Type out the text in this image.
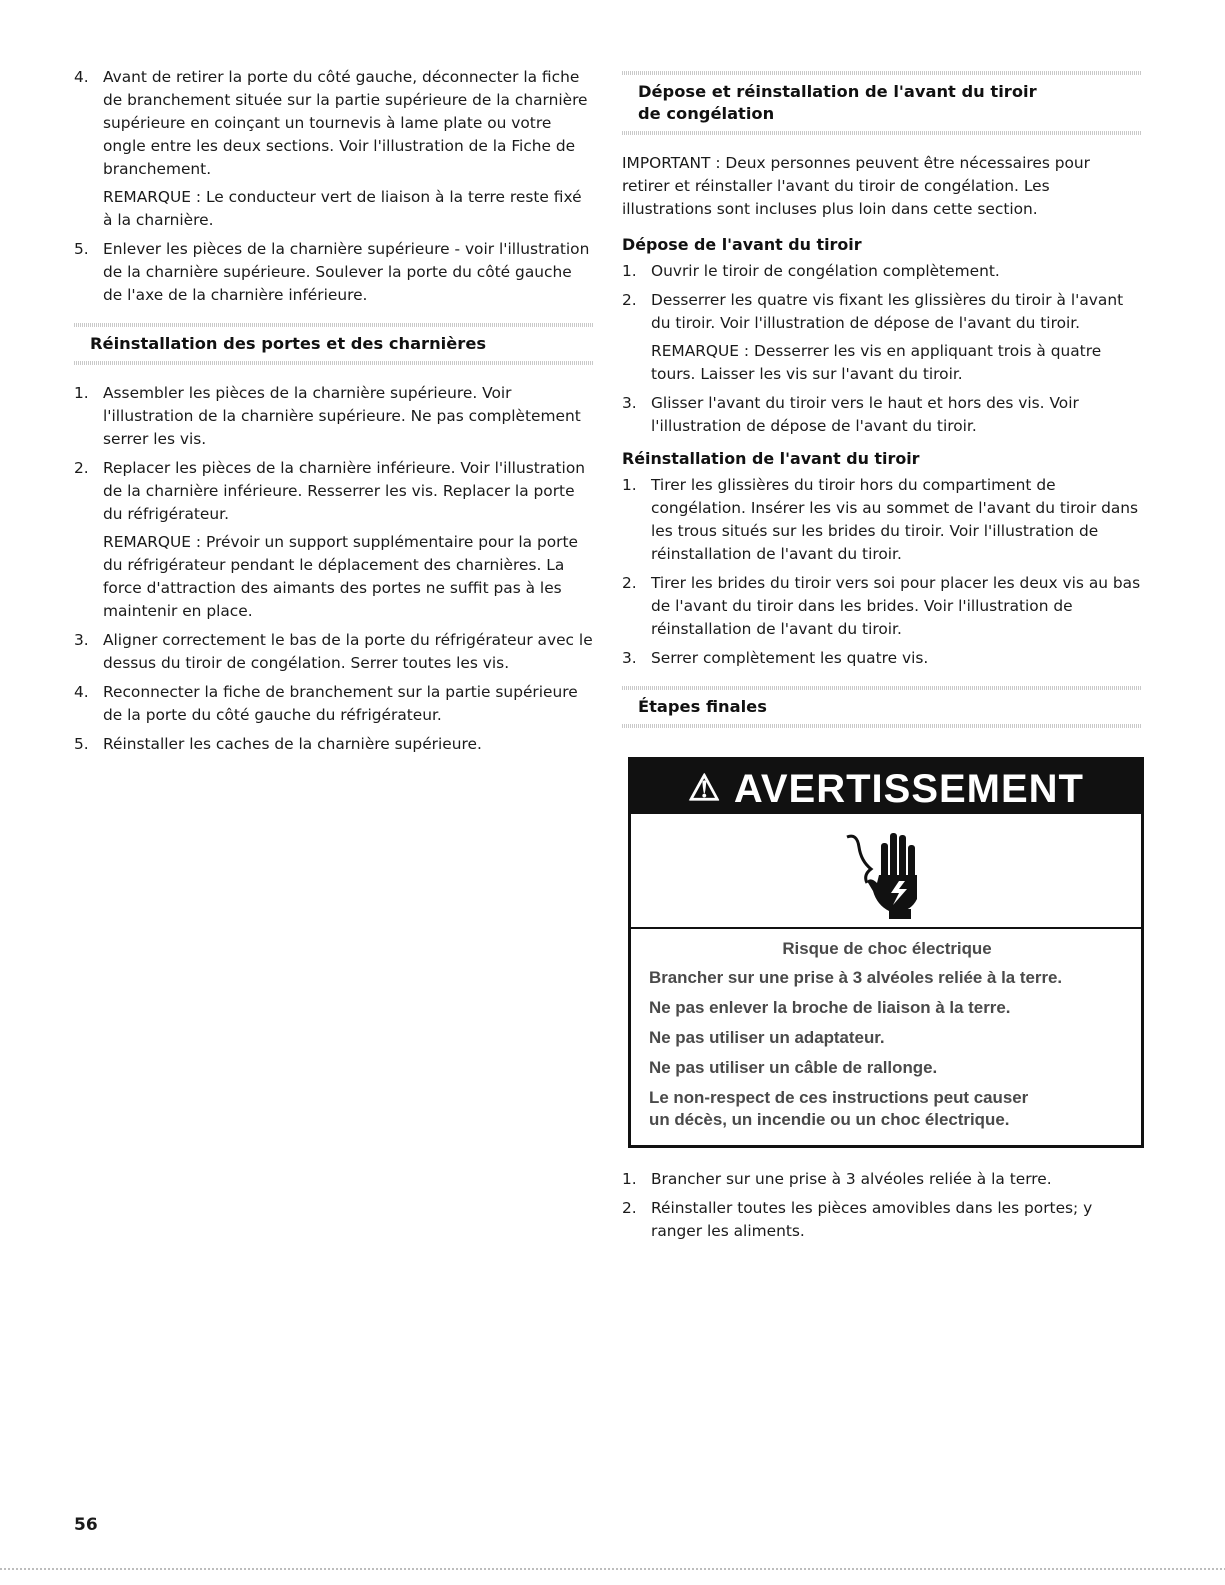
4. Avant de retirer la porte du côté gauche, déconnecter la fiche de branchement située sur la partie supérieure de la charnière supérieure en coinçant un tournevis à lame plate ou votre ongle entre les deux sections. Voir l'illustration de la Fiche de branchement.
REMARQUE : Le conducteur vert de liaison à la terre reste fixé à la charnière.
5. Enlever les pièces de la charnière supérieure - voir l'illustration de la charnière supérieure. Soulever la porte du côté gauche de l'axe de la charnière inférieure.
Réinstallation des portes et des charnières
1. Assembler les pièces de la charnière supérieure. Voir l'illustration de la charnière supérieure. Ne pas complètement serrer les vis.
2. Replacer les pièces de la charnière inférieure. Voir l'illustration de la charnière inférieure. Resserrer les vis. Replacer la porte du réfrigérateur.
REMARQUE : Prévoir un support supplémentaire pour la porte du réfrigérateur pendant le déplacement des charnières. La force d'attraction des aimants des portes ne suffit pas à les maintenir en place.
3. Aligner correctement le bas de la porte du réfrigérateur avec le dessus du tiroir de congélation. Serrer toutes les vis.
4. Reconnecter la fiche de branchement sur la partie supérieure de la porte du côté gauche du réfrigérateur.
5. Réinstaller les caches de la charnière supérieure.
Dépose et réinstallation de l'avant du tiroir
de congélation

IMPORTANT : Deux personnes peuvent être nécessaires pour retirer et réinstaller l'avant du tiroir de congélation. Les illustrations sont incluses plus loin dans cette section.

Dépose de l'avant du tiroir
1. Ouvrir le tiroir de congélation complètement.
2. Desserrer les quatre vis fixant les glissières du tiroir à l'avant du tiroir. Voir l'illustration de dépose de l'avant du tiroir.
REMARQUE : Desserrer les vis en appliquant trois à quatre tours. Laisser les vis sur l'avant du tiroir.
3. Glisser l'avant du tiroir vers le haut et hors des vis. Voir l'illustration de dépose de l'avant du tiroir.
Réinstallation de l'avant du tiroir
1. Tirer les glissières du tiroir hors du compartiment de congélation. Insérer les vis au sommet de l'avant du tiroir dans les trous situés sur les brides du tiroir. Voir l'illustration de réinstallation de l'avant du tiroir.
2. Tirer les brides du tiroir vers soi pour placer les deux vis au bas de l'avant du tiroir dans les brides. Voir l'illustration de réinstallation de l'avant du tiroir.
3. Serrer complètement les quatre vis.
Étapes finales
⚠ AVERTISSEMENT
Risque de choc électrique
Brancher sur une prise à 3 alvéoles reliée à la terre.
Ne pas enlever la broche de liaison à la terre.
Ne pas utiliser un adaptateur.
Ne pas utiliser un câble de rallonge.
Le non-respect de ces instructions peut causer
un décès, un incendie ou un choc électrique.
1. Brancher sur une prise à 3 alvéoles reliée à la terre.
2. Réinstaller toutes les pièces amovibles dans les portes; y ranger les aliments.
56
